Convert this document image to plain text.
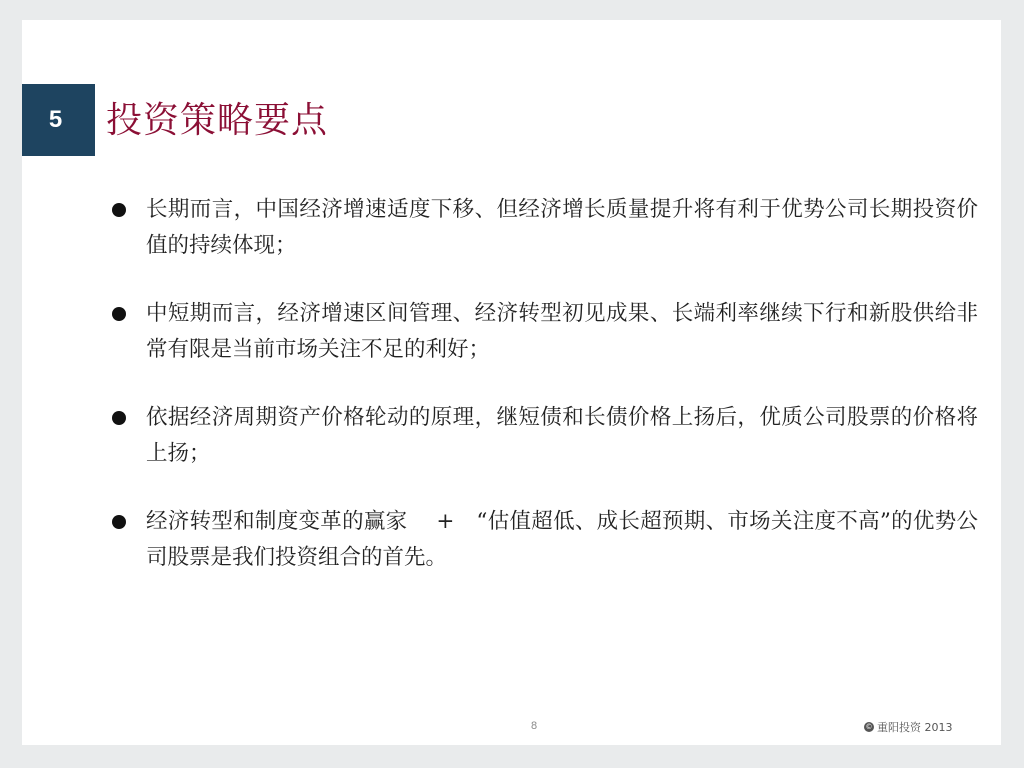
5	投资策略要点
长期而言，中国经济增速适度下移、但经济增长质量提升将有利于优势公司长期投资价值的持续体现；
中短期而言，经济增速区间管理、经济转型初见成果、长端利率继续下行和新股供给非常有限是当前市场关注不足的利好；
依据经济周期资产价格轮动的原理，继短债和长债价格上扬后，优质公司股票的价格将上扬；
经济转型和制度变革的赢家　 +　“估值超低、成长超预期、市场关注度不高”的优势公司股票是我们投资组合的首先。
8	© 重阳投资 2013
